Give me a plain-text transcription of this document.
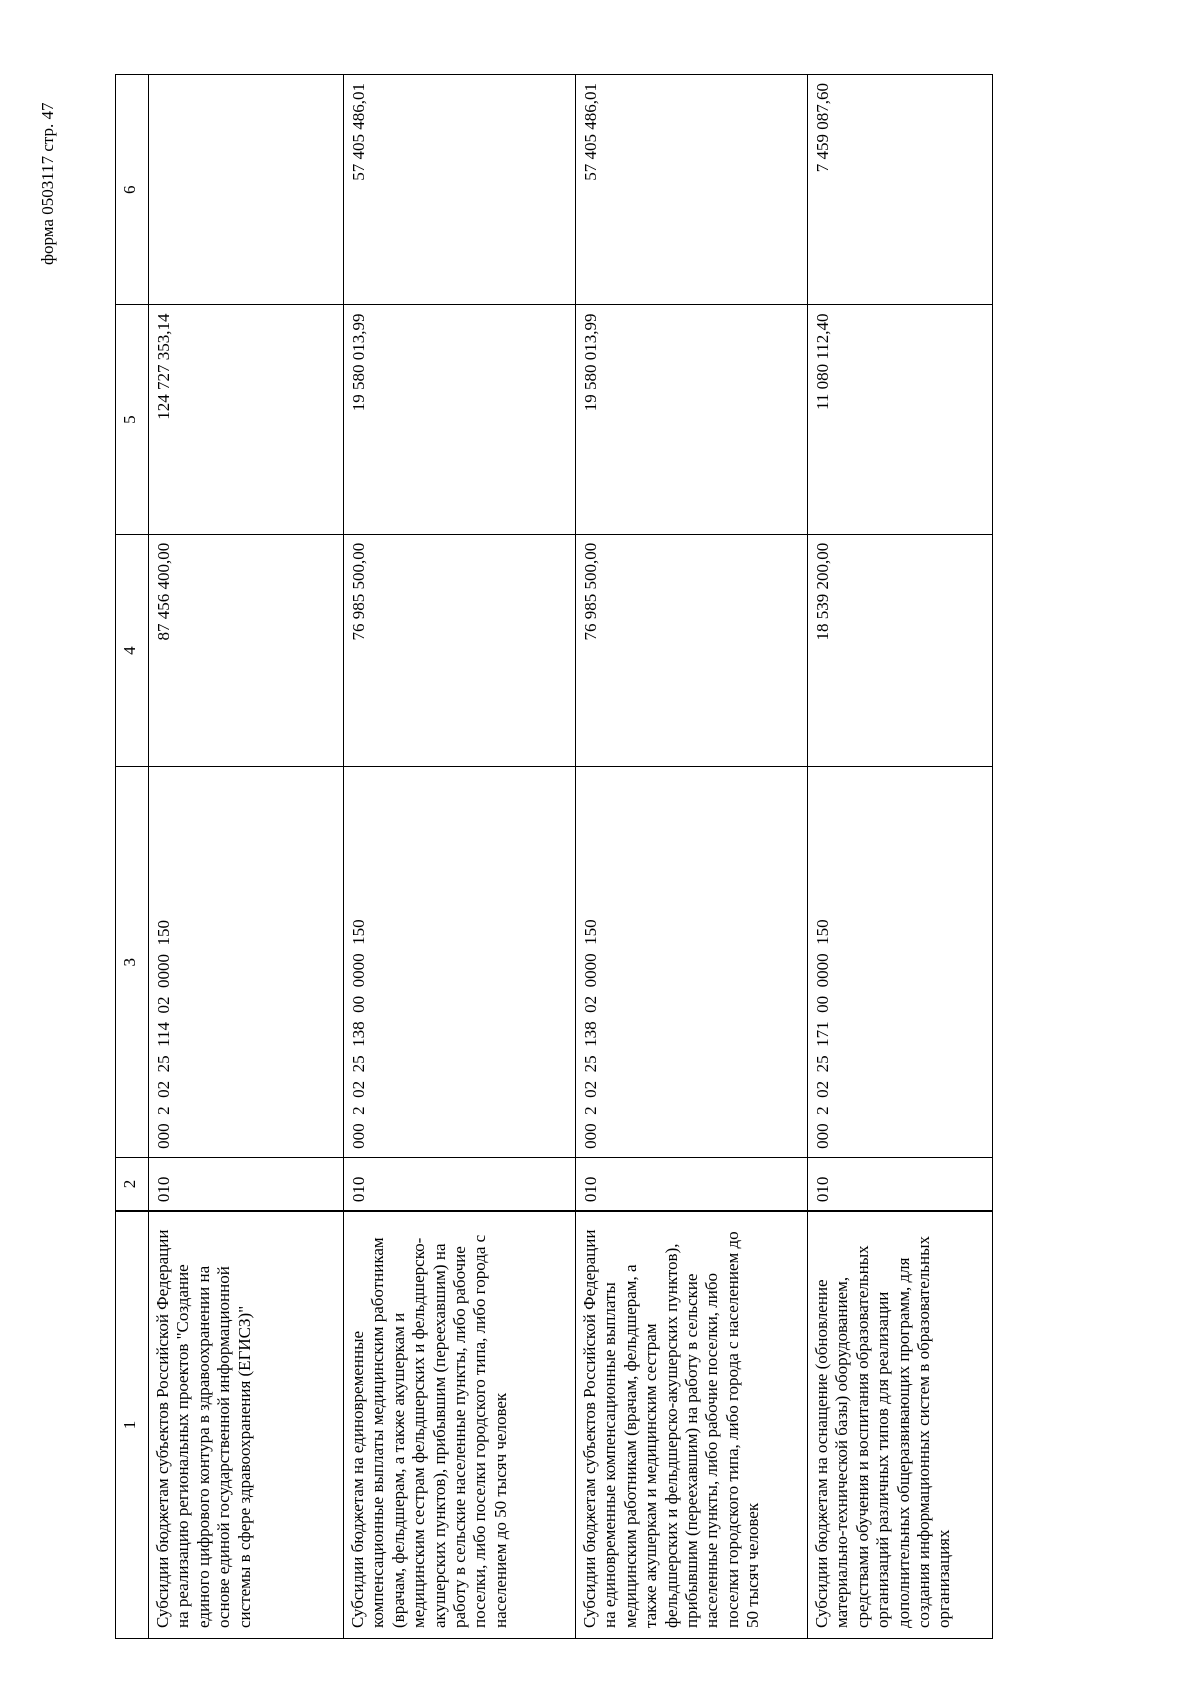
форма 0503117 стр. 47
1	2	3	4	5	6
Субсидии бюджетам субъектов Российской Федерации на реализацию региональных проектов "Создание единого цифрового контура в здравоохранении на основе единой государственной информационной системы в сфере здравоохранения (ЕГИСЗ)"	010	000  2  02  25  114  02  0000  150	87 456 400,00	124 727 353,14	
Субсидии бюджетам на единовременные компенсационные выплаты медицинским работникам (врачам, фельдшерам, а также акушеркам и медицинским сестрам фельдшерских и фельдшерско-акушерских пунктов), прибывшим (переехавшим) на работу в сельские населенные пункты, либо рабочие поселки, либо поселки городского типа, либо города с населением до 50 тысяч человек	010	000  2  02  25  138  00  0000  150	76 985 500,00	19 580 013,99	57 405 486,01
Субсидии бюджетам субъектов Российской Федерации на единовременные компенсационные выплаты медицинским работникам (врачам, фельдшерам, а также акушеркам и медицинским сестрам фельдшерских и фельдшерско-акушерских пунктов), прибывшим (переехавшим) на работу в сельские населенные пункты, либо рабочие поселки, либо поселки городского типа, либо города с населением до 50 тысяч человек	010	000  2  02  25  138  02  0000  150	76 985 500,00	19 580 013,99	57 405 486,01
Субсидии бюджетам на оснащение (обновление материально-технической базы) оборудованием, средствами обучения и воспитания образовательных организаций различных типов для реализации дополнительных общеразвивающих программ, для создания информационных систем в образовательных организациях	010	000  2  02  25  171  00  0000  150	18 539 200,00	11 080 112,40	7 459 087,60
